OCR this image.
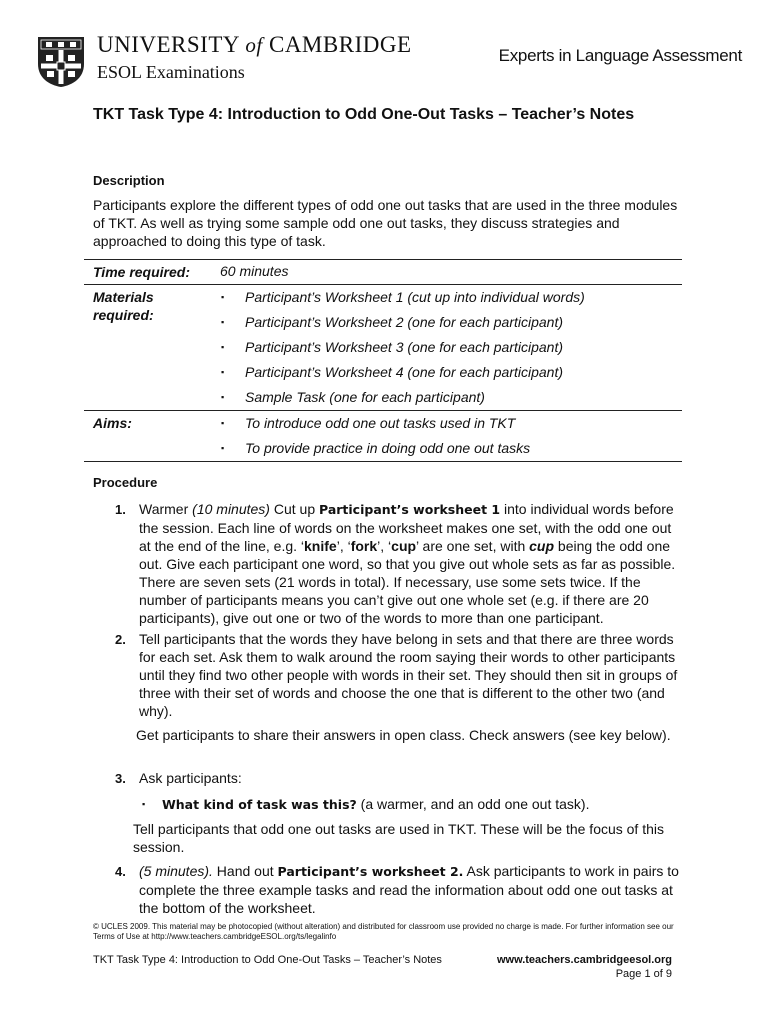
UNIVERSITY of CAMBRIDGE
ESOL Examinations
Experts in Language Assessment
TKT Task Type 4: Introduction to Odd One-Out Tasks – Teacher’s Notes
Description
Participants explore the different types of odd one out tasks that are used in the three modules of TKT. As well as trying some sample odd one out tasks, they discuss strategies and approached to doing this type of task.
Time required: 60 minutes
Materials
required:
▪ Participant’s Worksheet 1 (cut up into individual words)
▪ Participant’s Worksheet 2 (one for each participant)
▪ Participant’s Worksheet 3 (one for each participant)
▪ Participant’s Worksheet 4 (one for each participant)
▪ Sample Task (one for each participant)
Aims:	▪ To introduce odd one out tasks used in TKT
▪ To provide practice in doing odd one out tasks
Procedure
1. Warmer (10 minutes) Cut up Participant’s worksheet 1 into individual words before the session. Each line of words on the worksheet makes one set, with the odd one out at the end of the line, e.g. ‘knife’, ‘fork’, ‘cup’ are one set, with cup being the odd one out. Give each participant one word, so that you give out whole sets as far as possible. There are seven sets (21 words in total). If necessary, use some sets twice. If the number of participants means you can’t give out one whole set (e.g. if there are 20 participants), give out one or two of the words to more than one participant.
2. Tell participants that the words they have belong in sets and that there are three words for each set. Ask them to walk around the room saying their words to other participants until they find two other people with words in their set. They should then sit in groups of three with their set of words and choose the one that is different to the other two (and why).
Get participants to share their answers in open class. Check answers (see key below).
3. Ask participants:
▪ What kind of task was this? (a warmer, and an odd one out task).
Tell participants that odd one out tasks are used in TKT. These will be the focus of this session.
4. (5 minutes). Hand out Participant’s worksheet 2. Ask participants to work in pairs to complete the three example tasks and read the information about odd one out tasks at the bottom of the worksheet.
© UCLES 2009. This material may be photocopied (without alteration) and distributed for classroom use provided no charge is made. For further information see our Terms of Use at http://www.teachers.cambridgeESOL.org/ts/legalinfo
TKT Task Type 4: Introduction to Odd One-Out Tasks – Teacher’s Notes	www.teachers.cambridgeesol.org
Page 1 of 9
